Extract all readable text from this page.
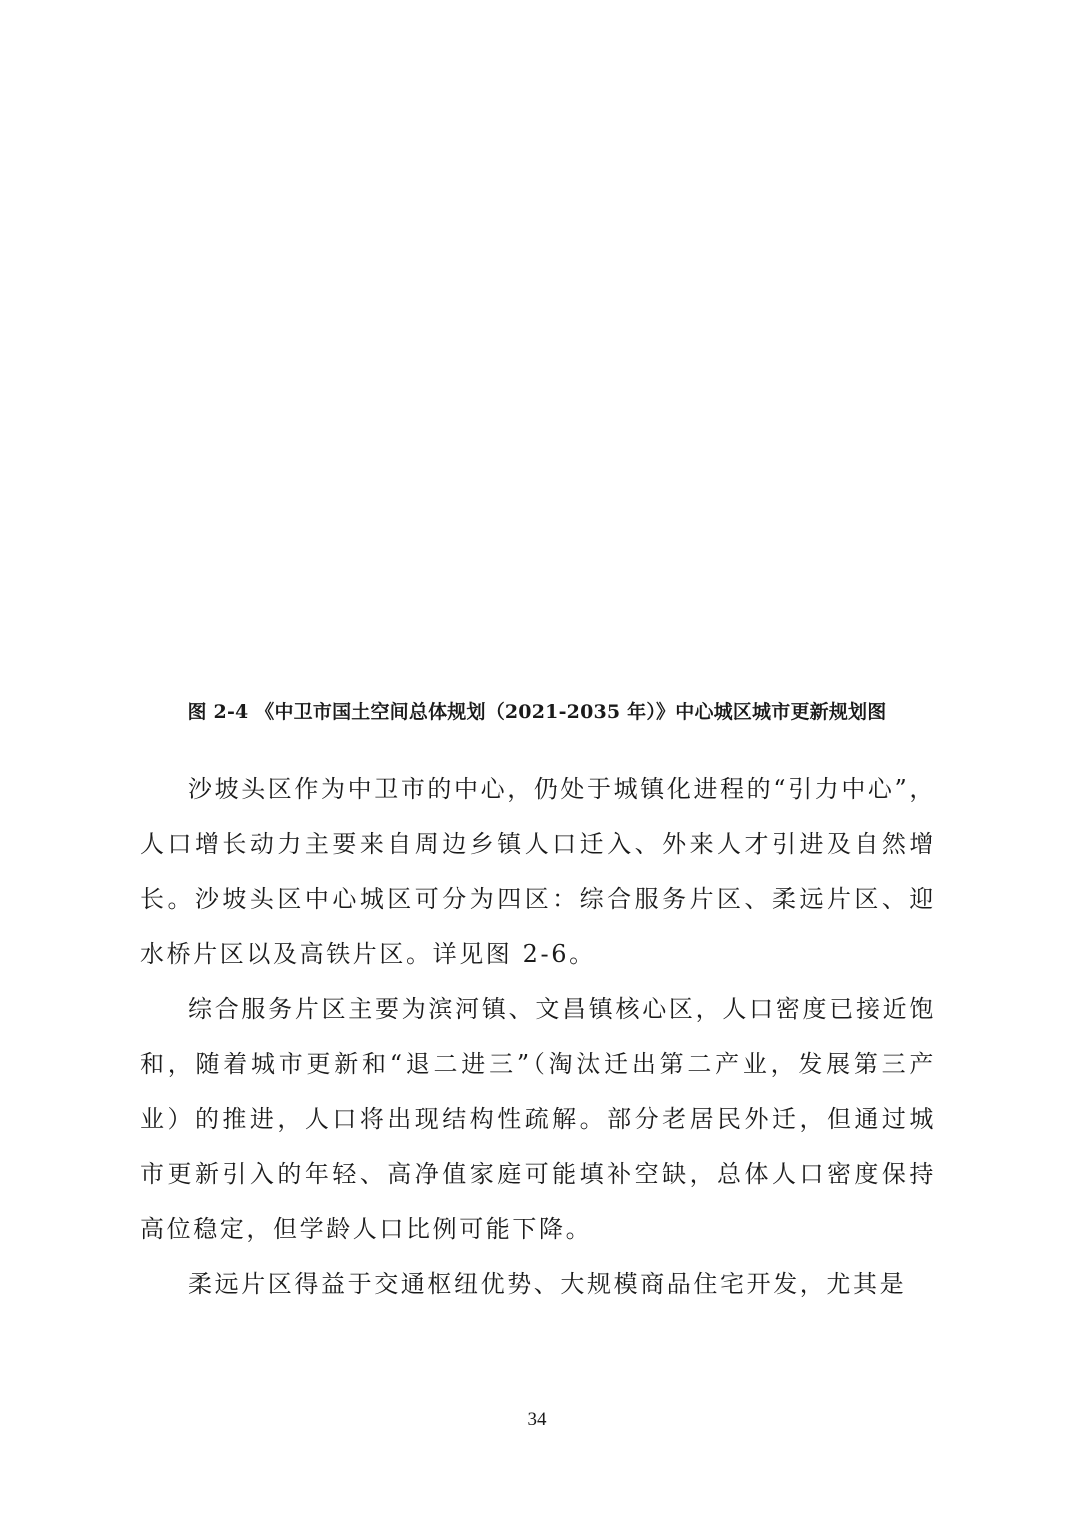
图 2-4 《中卫市国土空间总体规划（2021-2035 年）》中心城区城市更新规划图

沙坡头区作为中卫市的中心，仍处于城镇化进程的“引力中心”，人口增长动力主要来自周边乡镇人口迁入、外来人才引进及自然增长。沙坡头区中心城区可分为四区：综合服务片区、柔远片区、迎水桥片区以及高铁片区。详见图 2-6。

综合服务片区主要为滨河镇、文昌镇核心区，人口密度已接近饱和，随着城市更新和“退二进三”（淘汰迁出第二产业，发展第三产业）的推进，人口将出现结构性疏解。部分老居民外迁，但通过城市更新引入的年轻、高净值家庭可能填补空缺，总体人口密度保持高位稳定，但学龄人口比例可能下降。

柔远片区得益于交通枢纽优势、大规模商品住宅开发，尤其是

34
